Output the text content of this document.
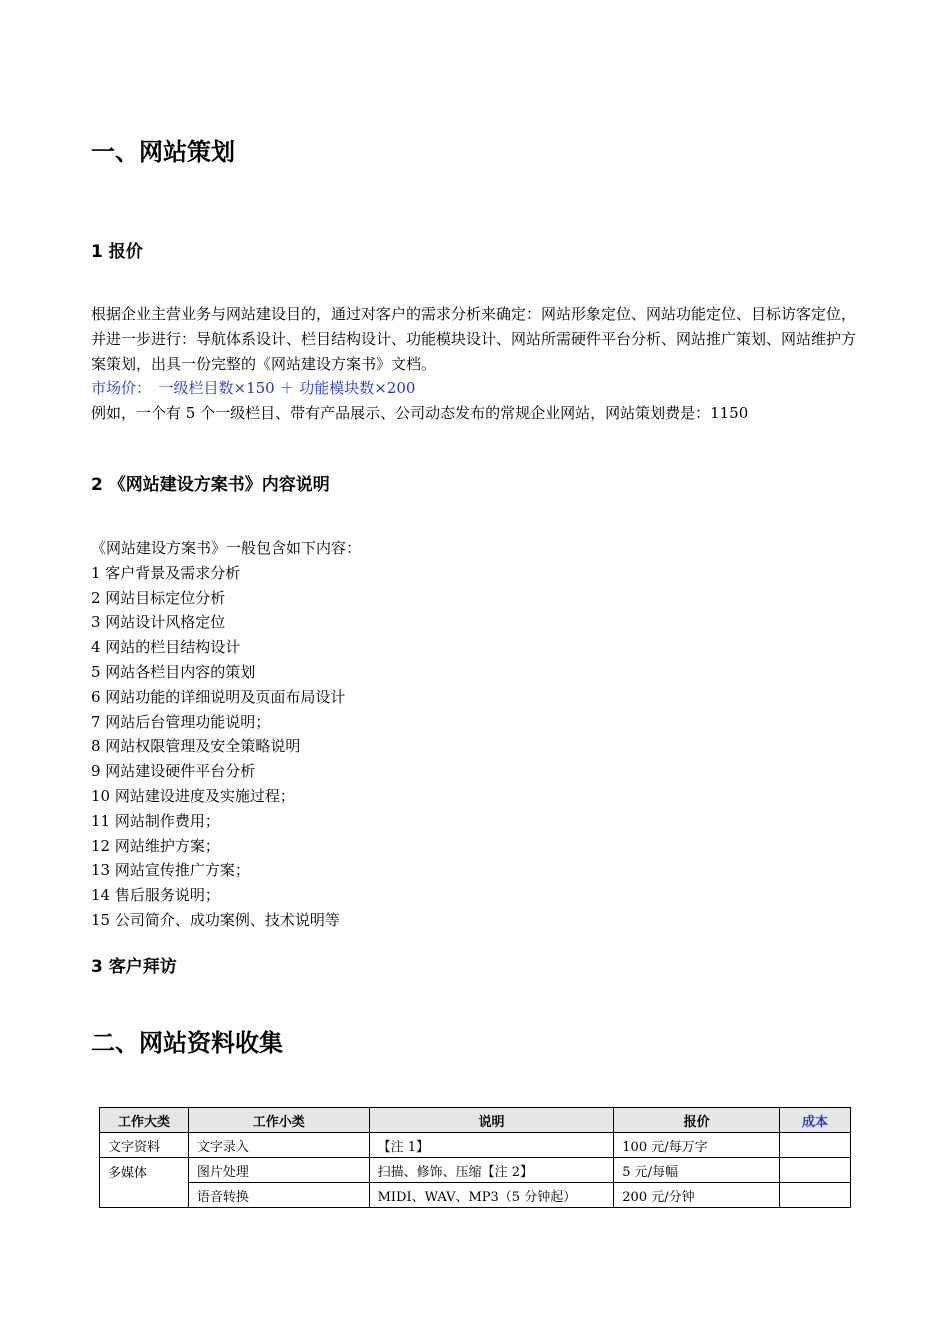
一、网站策划
1 报价
根据企业主营业务与网站建设目的，通过对客户的需求分析来确定：网站形象定位、网站功能定位、目标访客定位，并进一步进行：导航体系设计、栏目结构设计、功能模块设计、网站所需硬件平台分析、网站推广策划、网站维护方案策划，出具一份完整的《网站建设方案书》文档。
市场价：　一级栏目数×150 ＋ 功能模块数×200
例如，一个有 5 个一级栏目、带有产品展示、公司动态发布的常规企业网站，网站策划费是：1150
2 《网站建设方案书》内容说明
《网站建设方案书》一般包含如下内容：
1 客户背景及需求分析
2 网站目标定位分析
3 网站设计风格定位
4 网站的栏目结构设计
5 网站各栏目内容的策划
6 网站功能的详细说明及页面布局设计
7 网站后台管理功能说明；
8 网站权限管理及安全策略说明
9 网站建设硬件平台分析
10 网站建设进度及实施过程；
11 网站制作费用；
12 网站维护方案；
13 网站宣传推广方案；
14 售后服务说明；
15 公司简介、成功案例、技术说明等
3 客户拜访
二、网站资料收集
工作大类	工作小类	说明	报价	成本
文字资料	文字录入	【注 1】	100 元/每万字	
多媒体	图片处理	扫描、修饰、压缩【注 2】	5 元/每幅	
	语音转换	MIDI、WAV、MP3（5 分钟起）	200 元/分钟	
